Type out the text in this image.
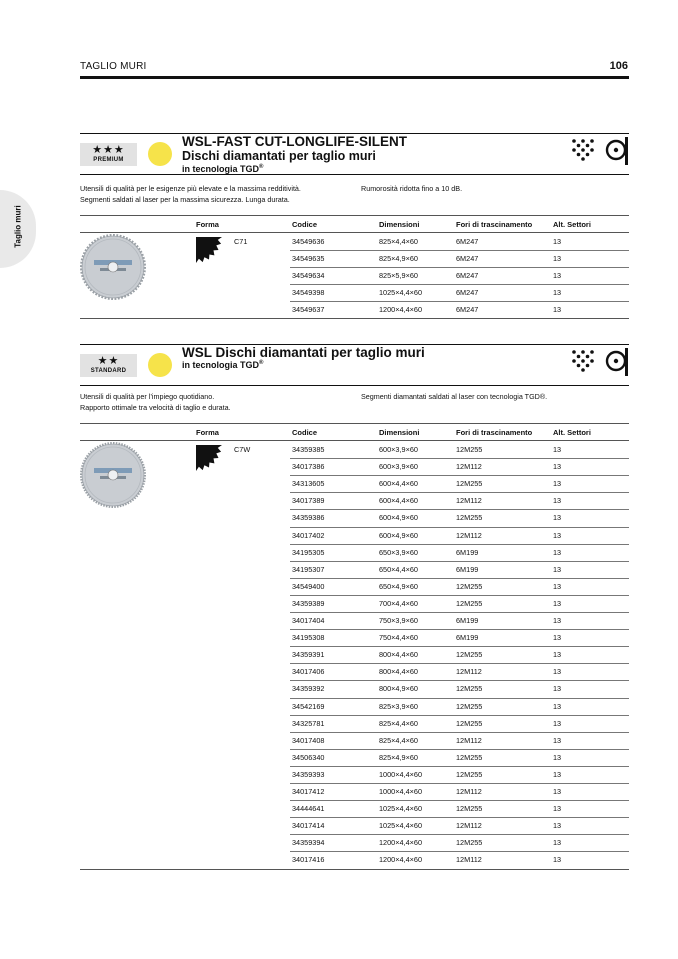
TAGLIO MURI	106
Taglio muri
★★★
PREMIUM
WSL-FAST CUT-LONGLIFE-SILENT
Dischi diamantati per taglio muri
in tecnologia TGD®
Utensili di qualità per le esigenze più elevate e la massima redditività.
Segmenti saldati al laser per la massima sicurezza. Lunga durata.
Rumorosità ridotta fino a 10 dB.
Forma	Codice	Dimensioni	Fori di trascinamento	Alt. Settori
C71	34549636	825×4,4×60	6M247	13
34549635	825×4,9×60	6M247	13
34549634	825×5,9×60	6M247	13
34549398	1025×4,4×60	6M247	13
34549637	1200×4,4×60	6M247	13
★★
STANDARD
WSL Dischi diamantati per taglio muri
in tecnologia TGD®
Utensili di qualità per l’impiego quotidiano.
Rapporto ottimale tra velocità di taglio e durata.
Segmenti diamantati saldati al laser con tecnologia TGD®.
Forma	Codice	Dimensioni	Fori di trascinamento	Alt. Settori
C7W	34359385	600×3,9×60	12M255	13
34017386	600×3,9×60	12M112	13
34313605	600×4,4×60	12M255	13
34017389	600×4,4×60	12M112	13
34359386	600×4,9×60	12M255	13
34017402	600×4,9×60	12M112	13
34195305	650×3,9×60	6M199	13
34195307	650×4,4×60	6M199	13
34549400	650×4,9×60	12M255	13
34359389	700×4,4×60	12M255	13
34017404	750×3,9×60	6M199	13
34195308	750×4,4×60	6M199	13
34359391	800×4,4×60	12M255	13
34017406	800×4,4×60	12M112	13
34359392	800×4,9×60	12M255	13
34542169	825×3,9×60	12M255	13
34325781	825×4,4×60	12M255	13
34017408	825×4,4×60	12M112	13
34506340	825×4,9×60	12M255	13
34359393	1000×4,4×60	12M255	13
34017412	1000×4,4×60	12M112	13
34444641	1025×4,4×60	12M255	13
34017414	1025×4,4×60	12M112	13
34359394	1200×4,4×60	12M255	13
34017416	1200×4,4×60	12M112	13
